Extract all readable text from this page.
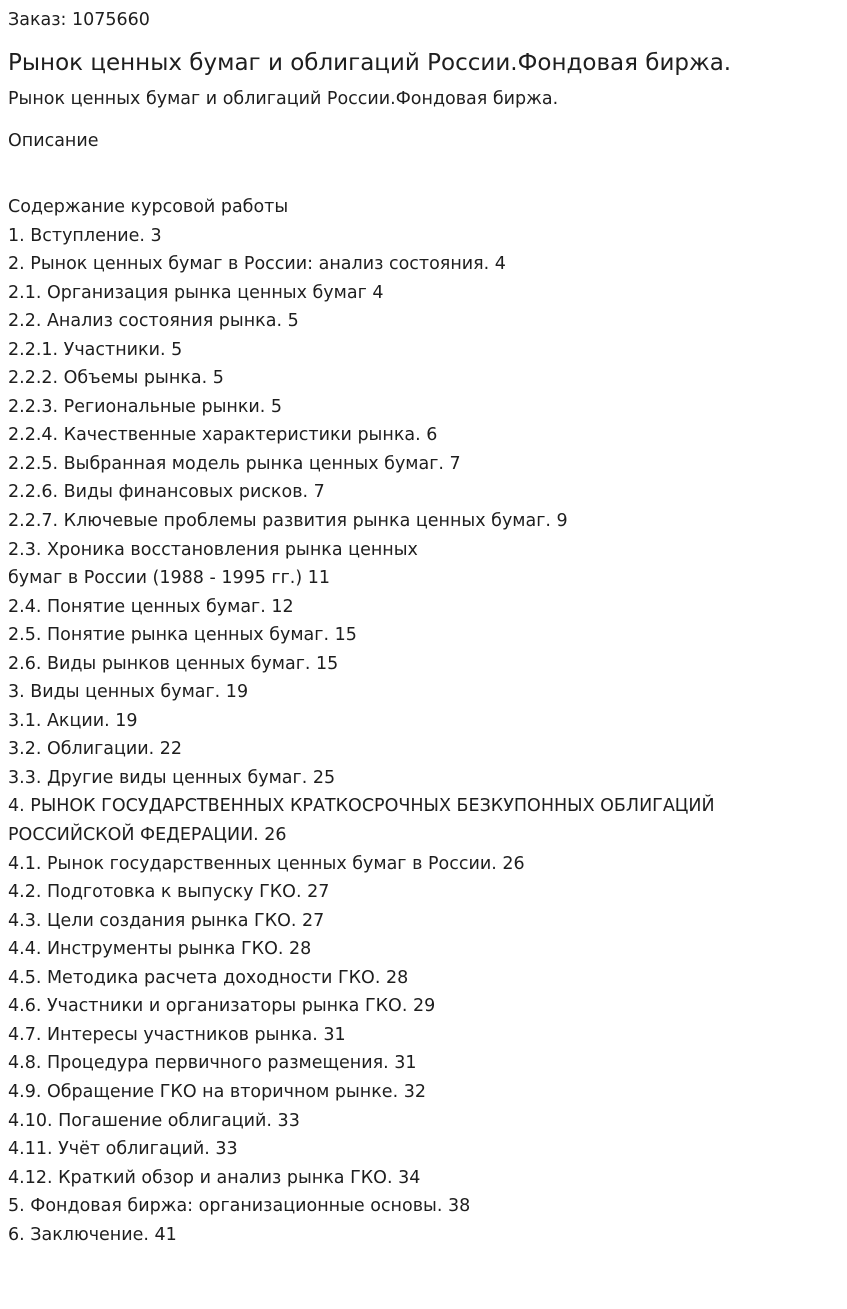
Заказ: 1075660
Рынок ценных бумаг и облигаций России.Фондовая биржа.
Рынок ценных бумаг и облигаций России.Фондовая биржа.
Описание
Содержание курсовой работы
1. Вступление. 3
2. Рынок ценных бумаг в России: анализ состояния. 4
2.1. Организация рынка ценных бумаг 4
2.2. Анализ состояния рынка. 5
2.2.1. Участники. 5
2.2.2. Объемы рынка. 5
2.2.3. Региональные рынки. 5
2.2.4. Качественные характеристики рынка. 6
2.2.5. Выбранная модель рынка ценных бумаг. 7
2.2.6. Виды финансовых рисков. 7
2.2.7. Ключевые проблемы развития рынка ценных бумаг. 9
2.3. Хроника восстановления рынка ценных
бумаг в России (1988 - 1995 гг.) 11
2.4. Понятие ценных бумаг. 12
2.5. Понятие рынка ценных бумаг. 15
2.6. Виды рынков ценных бумаг. 15
3. Виды ценных бумаг. 19
3.1. Акции. 19
3.2. Облигации. 22
3.3. Другие виды ценных бумаг. 25
4. РЫНОК ГОСУДАРСТВЕННЫХ КРАТКОСРОЧНЫХ БЕЗКУПОННЫХ ОБЛИГАЦИЙ
РОССИЙСКОЙ ФЕДЕРАЦИИ. 26
4.1. Рынок государственных ценных бумаг в России. 26
4.2. Подготовка к выпуску ГКО. 27
4.3. Цели создания рынка ГКО. 27
4.4. Инструменты рынка ГКО. 28
4.5. Методика расчета доходности ГКО. 28
4.6. Участники и организаторы рынка ГКО. 29
4.7. Интересы участников рынка. 31
4.8. Процедура первичного размещения. 31
4.9. Обращение ГКО на вторичном рынке. 32
4.10. Погашение облигаций. 33
4.11. Учёт облигаций. 33
4.12. Краткий обзор и анализ рынка ГКО. 34
5. Фондовая биржа: организационные основы. 38
6. Заключение. 41
